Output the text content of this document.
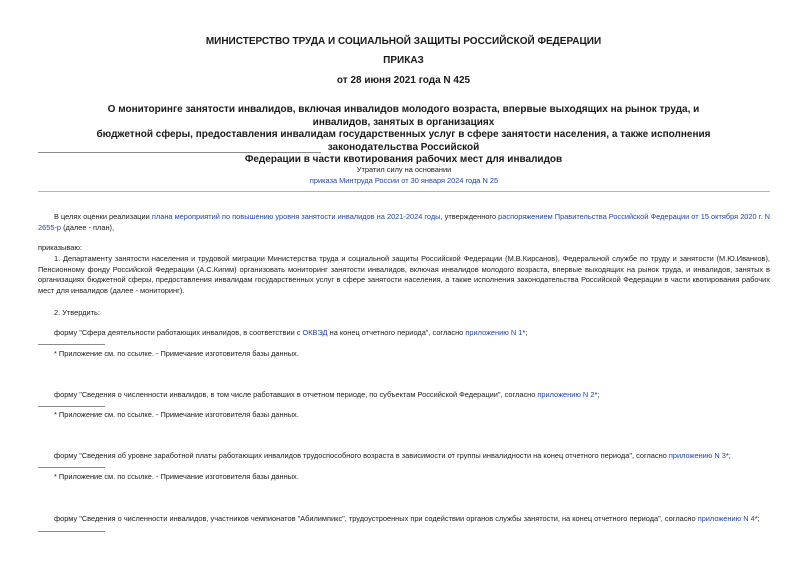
МИНИСТЕРСТВО ТРУДА И СОЦИАЛЬНОЙ ЗАЩИТЫ РОССИЙСКОЙ ФЕДЕРАЦИИ
ПРИКАЗ
от 28 июня 2021 года N 425
О мониторинге занятости инвалидов, включая инвалидов молодого возраста, впервые выходящих на рынок труда, и инвалидов, занятых в организациях
бюджетной сферы, предоставления инвалидам государственных услуг в сфере занятости населения, а также исполнения законодательства Российской
Федерации в части квотирования рабочих мест для инвалидов
Утратил силу на основании
приказа Минтруда России от 30 января 2024 года N 25
В целях оценки реализации плана мероприятий по повышению уровня занятости инвалидов на 2021-2024 годы, утвержденного распоряжением Правительства Российской Федерации от 15 октября 2020 г. N 2655-р (далее - план),
приказываю:
1. Департаменту занятости населения и трудовой миграции Министерства труда и социальной защиты Российской Федерации (М.В.Кирсанов), Федеральной службе по труду и занятости (М.Ю.Иванков), Пенсионному фонду Российской Федерации (А.С.Кигим) организовать мониторинг занятости инвалидов, включая инвалидов молодого возраста, впервые выходящих на рынок труда, и инвалидов, занятых в организациях бюджетной сферы, предоставления инвалидам государственных услуг в сфере занятости населения, а также исполнения законодательства Российской Федерации в части квотирования рабочих мест для инвалидов (далее - мониторинг).
2. Утвердить:
форму "Сфера деятельности работающих инвалидов, в соответствии с ОКВЭД на конец отчетного периода", согласно приложению N 1*;
* Приложение см. по ссылке. - Примечание изготовителя базы данных.
форму "Сведения о численности инвалидов, в том числе работавших в отчетном периоде, по субъектам Российской Федерации", согласно приложению N 2*;
* Приложение см. по ссылке. - Примечание изготовителя базы данных.
форму "Сведения об уровне заработной платы работающих инвалидов трудоспособного возраста в зависимости от группы инвалидности на конец отчетного периода", согласно приложению N 3*;
* Приложение см. по ссылке. - Примечание изготовителя базы данных.
форму "Сведения о численности инвалидов, участников чемпионатов "Абилимпикс", трудоустроенных при содействии органов службы занятости, на конец отчетного периода", согласно приложению N 4*;
